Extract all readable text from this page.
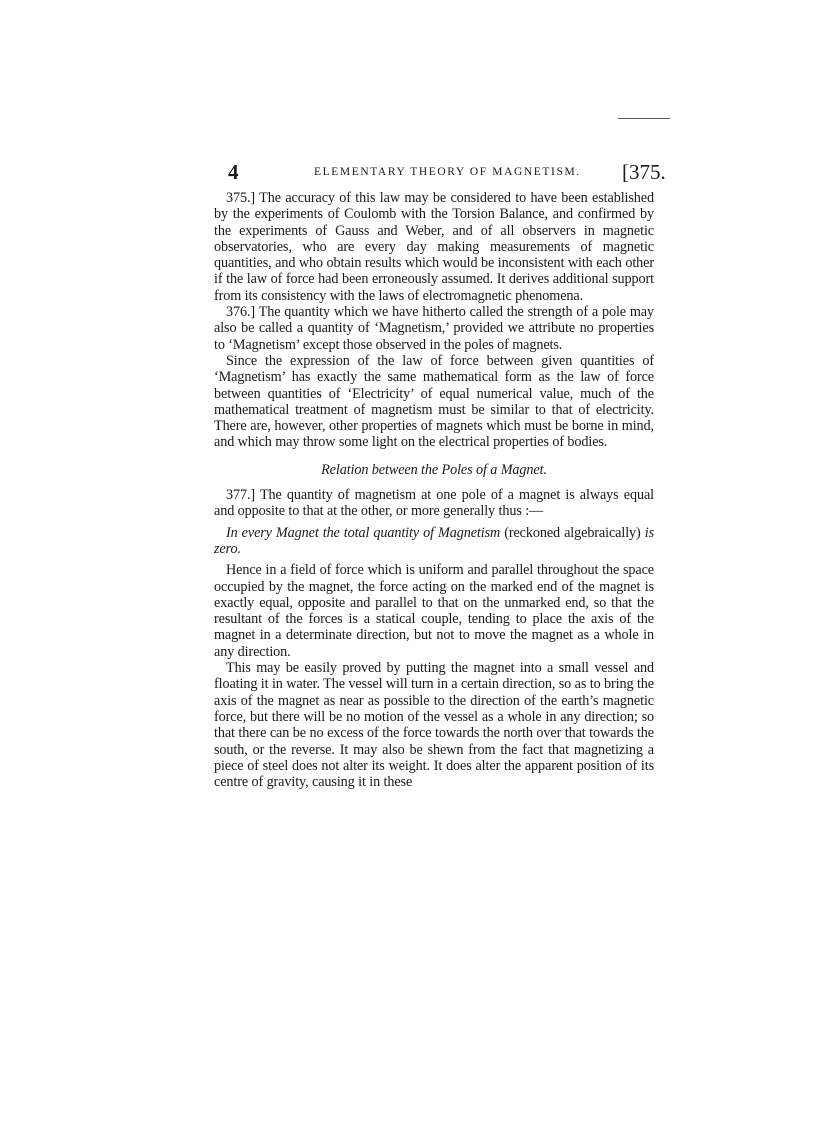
4	ELEMENTARY THEORY OF MAGNETISM. [375.

375.] The accuracy of this law may be considered to have been established by the experiments of Coulomb with the Torsion Balance, and confirmed by the experiments of Gauss and Weber, and of all observers in magnetic observatories, who are every day making measurements of magnetic quantities, and who obtain results which would be inconsistent with each other if the law of force had been erroneously assumed. It derives additional support from its consistency with the laws of electromagnetic phenomena.

376.] The quantity which we have hitherto called the strength of a pole may also be called a quantity of ‘Magnetism,’ provided we attribute no properties to ‘Magnetism’ except those observed in the poles of magnets.

Since the expression of the law of force between given quantities of ‘Magnetism’ has exactly the same mathematical form as the law of force between quantities of ‘Electricity’ of equal numerical value, much of the mathematical treatment of magnetism must be similar to that of electricity. There are, however, other properties of magnets which must be borne in mind, and which may throw some light on the electrical properties of bodies.

Relation between the Poles of a Magnet.

377.] The quantity of magnetism at one pole of a magnet is always equal and opposite to that at the other, or more generally thus :—

In every Magnet the total quantity of Magnetism (reckoned algebraically) is zero.

Hence in a field of force which is uniform and parallel throughout the space occupied by the magnet, the force acting on the marked end of the magnet is exactly equal, opposite and parallel to that on the unmarked end, so that the resultant of the forces is a statical couple, tending to place the axis of the magnet in a determinate direction, but not to move the magnet as a whole in any direction.

This may be easily proved by putting the magnet into a small vessel and floating it in water. The vessel will turn in a certain direction, so as to bring the axis of the magnet as near as possible to the direction of the earth’s magnetic force, but there will be no motion of the vessel as a whole in any direction; so that there can be no excess of the force towards the north over that towards the south, or the reverse. It may also be shewn from the fact that magnetizing a piece of steel does not alter its weight. It does alter the apparent position of its centre of gravity, causing it in these
